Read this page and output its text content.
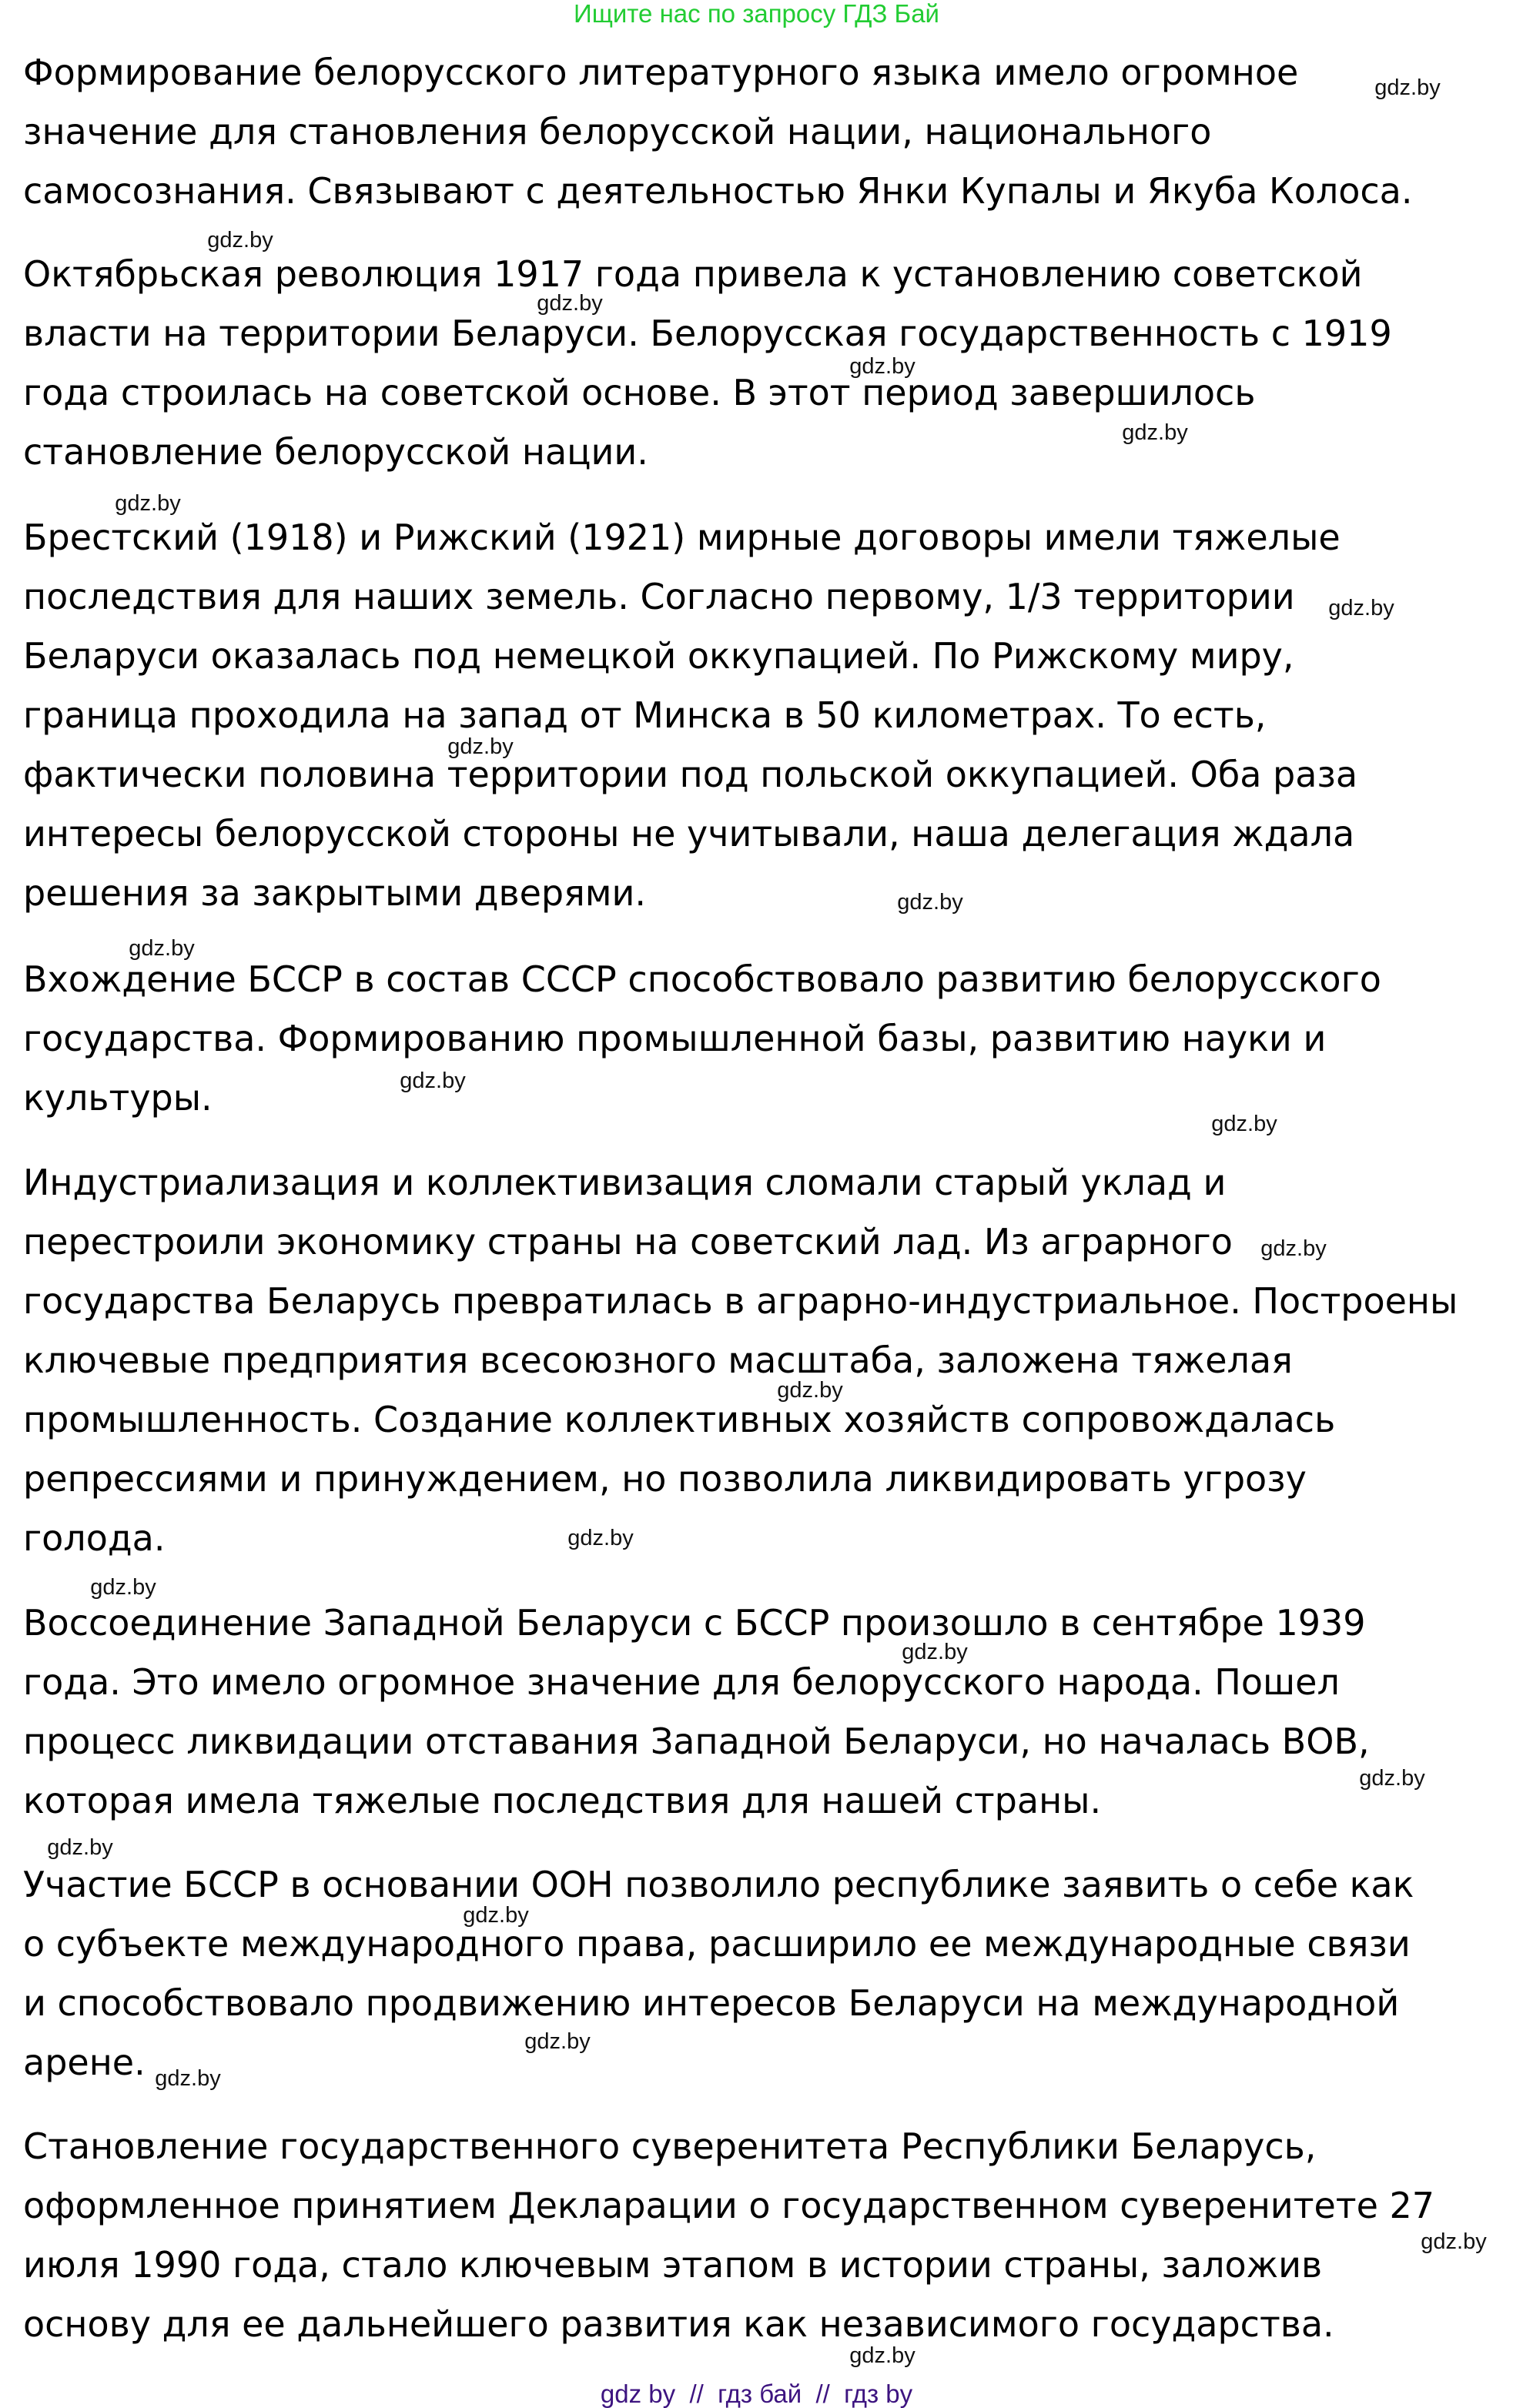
Ищите нас по запросу ГДЗ Бай
Формирование белорусского литературного языка имело огромное
значение для становления белорусской нации, национального
самосознания. Связывают с деятельностью Янки Купалы и Якуба Колоса.
Октябрьская революция 1917 года привела к установлению советской
власти на территории Беларуси. Белорусская государственность с 1919
года строилась на советской основе. В этот период завершилось
становление белорусской нации.
Брестский (1918) и Рижский (1921) мирные договоры имели тяжелые
последствия для наших земель. Согласно первому, 1/3 территории
Беларуси оказалась под немецкой оккупацией. По Рижскому миру,
граница проходила на запад от Минска в 50 километрах. То есть,
фактически половина территории под польской оккупацией. Оба раза
интересы белорусской стороны не учитывали, наша делегация ждала
решения за закрытыми дверями.
Вхождение БССР в состав СССР способствовало развитию белорусского
государства. Формированию промышленной базы, развитию науки и
культуры.
Индустриализация и коллективизация сломали старый уклад и
перестроили экономику страны на советский лад. Из аграрного
государства Беларусь превратилась в аграрно-индустриальное. Построены
ключевые предприятия всесоюзного масштаба, заложена тяжелая
промышленность. Создание коллективных хозяйств сопровождалась
репрессиями и принуждением, но позволила ликвидировать угрозу
голода.
Воссоединение Западной Беларуси с БССР произошло в сентябре 1939
года. Это имело огромное значение для белорусского народа. Пошел
процесс ликвидации отставания Западной Беларуси, но началась ВОВ,
которая имела тяжелые последствия для нашей страны.
Участие БССР в основании ООН позволило республике заявить о себе как
о субъекте международного права, расширило ее международные связи
и способствовало продвижению интересов Беларуси на международной
арене.
Становление государственного суверенитета Республики Беларусь,
оформленное принятием Декларации о государственном суверенитете 27
июля 1990 года, стало ключевым этапом в истории страны, заложив
основу для ее дальнейшего развития как независимого государства.
gdz.by
gdz.by
gdz.by
gdz.by
gdz.by
gdz.by
gdz.by
gdz.by
gdz.by
gdz.by
gdz.by
gdz.by
gdz.by
gdz.by
gdz.by
gdz.by
gdz.by
gdz.by
gdz.by
gdz.by
gdz.by
gdz.by
gdz.by
gdz.by
gdz by  //  гдз бай  //  гдз by
